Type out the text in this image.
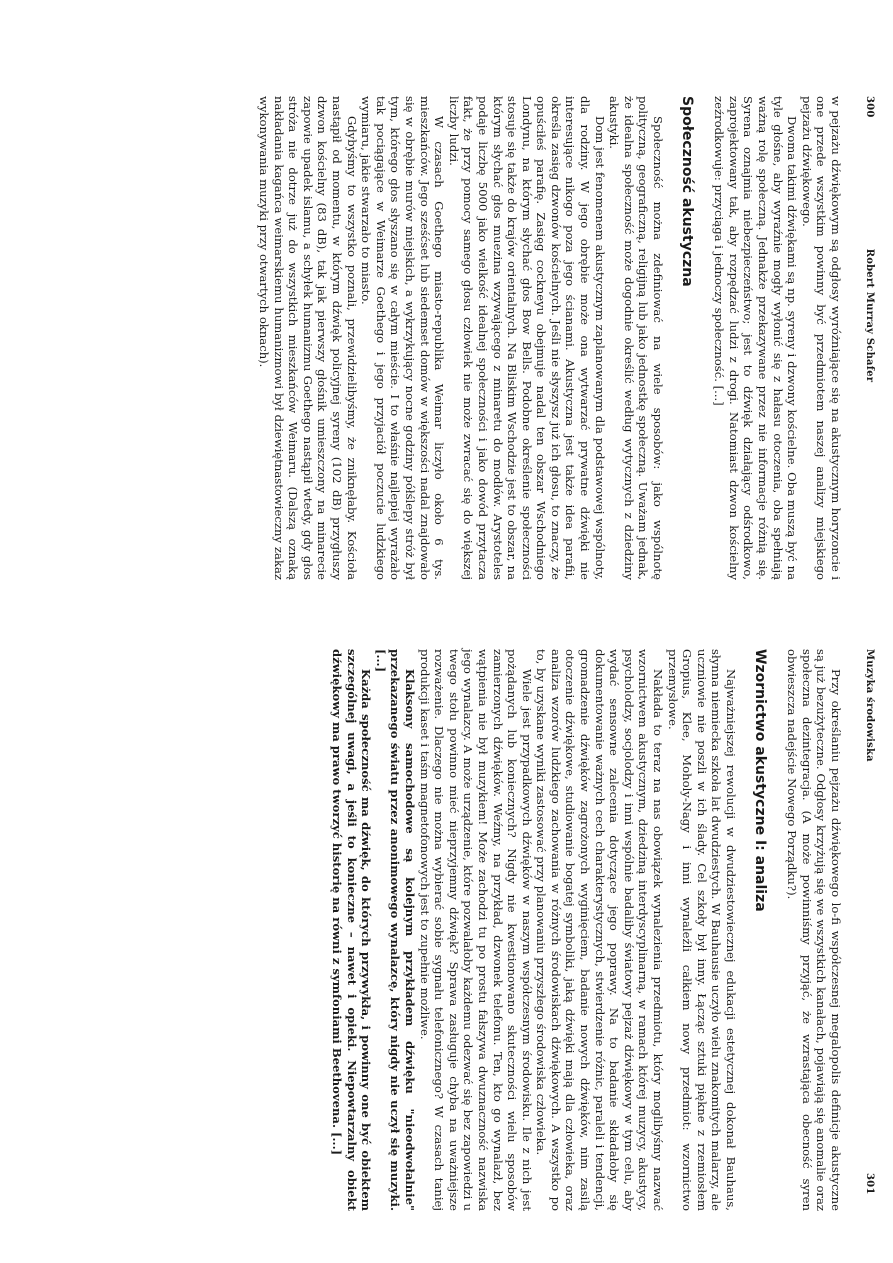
300
Robert Murray Schafer

w pejzażu dźwiękowym są odgłosy wyróżniające się na akustycznym horyzoncie i one przede wszystkim powinny być przedmiotem naszej analizy miejskiego pejzażu dźwiękowego.

Dwoma takimi dźwiękami są np. syreny i dzwony kościelne. Oba muszą być na tyle głośne, aby wyraźnie mogły wyłonić się z hałasu otoczenia, oba spełniają ważną rolę społeczną. Jednakże przekazywane przez nie informacje różnią się. Syrena oznajmia niebezpieczeństwo; jest to dźwięk działający odśrodkowo, zaprojektowany tak, aby rozpędzać ludzi z drogi. Natomiast dzwon kościelny zeźrodkowuje: przyciąga i jednoczy społeczność. [...]

Społeczność akustyczna

Społeczność można zdefiniować na wiele sposobów: jako wspólnotę polityczną, geograficzną, religijną lub jako jednostkę społeczną. Uważam jednak, że idealna społeczność może dogodnie określić według wytycznych z dziedziny akustyki.

Dom jest fenomenem akustycznym zaplanowanym dla podstawowej wspólnoty, dla rodziny. W jego obrębie może ona wytwarzać prywatne dźwięki nie interesujące nikogo poza jego ścianami. Akustyczna jest także idea parafii, określa zasięg dzwonów kościelnych. Jeśli nie słyszysz już ich głosu, to znaczy, że opuściłeś parafię. Zasięg cockneyu obejmuje nadal ten obszar Wschodniego Londynu, na którym słychać głos Bow Bells. Podobne określenie społeczności stosuje się także do krajów orientalnych. Na Bliskim Wschodzie jest to obszar, na którym słychać głos muezina wzywającego z minaretu do modłów. Arystoteles podaje liczbę 5000 jako wielkość idealnej społeczności i jako dowód przytacza fakt, że przy pomocy samego głosu człowiek nie może zwracać się do większej liczby ludzi.

W czasach Goethego miasto-republika Weimar liczyło około 6 tys. mieszkańców. Jego sześćset lub siedemset domów w większości nadal znajdowało się w obrębie murów miejskich, a wykrzykujący nocne godziny półślepy stróż był tym, którego głos słyszano się w całym mieście. I to właśnie najlepiej wyrażało tak pociągające w Weimarze Goethego i jego przyjaciół poczucie ludzkiego wymiaru, jakie stwarzało to miasto.

Gdybyśmy to wszystko poznali, przewidzielibyśmy, że zniknęłaby. Kościoła nastąpił od momentu, w którym dźwięk policyjnej syreny (102 dB) przygłuszy dzwon kościelny (83 dB), tak jak pierwszy głośnik umieszczony na minarecie zapowie upadek islamu, a schyłek humanizmu Goethego nastąpił wtedy, gdy głos stróża nie dotrze już do wszystkich mieszkańców Weimaru. (Dalszą oznaką nakładania kagańca weimarskiemu humanizmowi był dziewiętnastowieczny zakaz wykonywania muzyki przy otwartych oknach).

Muzyka środowiska
301

Przy określaniu pejzażu dźwiękowego lo-fi współczesnej megalopolis definicje akustyczne są już bezużyteczne. Odgłosy krzyżują się we wszystkich kanałach, pojawiają się anomalie oraz społeczna dezintegracja. (A może powinniśmy przyjąć, że wzrastająca obecność syren obwieszcza nadejście Nowego Porządku?).

Wzornictwo akustyczne I: analiza

Najważniejszej rewolucji w dwudziestowiecznej edukacji estetycznej dokonał Bauhaus, słynna niemiecka szkoła lat dwudziestych. W Bauhausie uczyło wielu znakomitych malarzy, ale uczniowie nie poszli w ich ślady. Cel szkoły był inny. Łącząc sztuki piękne z rzemiosłem Gropius, Klee, Moholy-Nagy i inni wynaleźli całkiem nowy przedmiot: wzornictwo przemysłowe.

Nakłada to teraz na nas obowiązek wynalezienia przedmiotu, który moglibyśmy nazwać wzornictwem akustycznym, dziedziną interdyscyplinarną, w ramach której muzycy, akustycy, psycholodzy, socjolodzy i inni wspólnie badaliby światowy pejzaż dźwiękowy w tym celu, aby wydać sensowne zalecenia dotyczące jego poprawy. Na to badanie składałoby się dokumentowanie ważnych cech charakterystycznych, stwierdzenie różnic, paraleli i tendencji, gromadzenie dźwięków zagrożonych wyginięciem, badanie nowych dźwięków, nim zasilą otoczenie dźwiękowe, studiowanie bogatej symboliki, jaką dźwięki mają dla człowieka, oraz analiza wzorów ludzkiego zachowania w różnych środowiskach dźwiękowych. A wszystko po to, by uzyskane wyniki zastosować przy planowaniu przyszłego środowiska człowieka.

Wiele jest przypadkowych dźwięków w naszym współczesnym środowisku. Ile z nich jest pożądanych lub koniecznych? Nigdy nie kwestionowano skuteczności wielu sposobów zamierzonych dźwięków. Weźmy, na przykład, dzwonek telefonu. Ten, kto go wynalazł, bez wątpienia nie był muzykiem! Może zachodzi tu po prostu fałszywa dwuznaczność nazwiska jego wynalazcy. A może urządzenie, które pozwalałoby każdemu odezwać się bez zapowiedzi u twego stołu powinno mieć nieprzyjemny dźwięk? Sprawa zasługuje chyba na uważniejsze rozważenie. Dlaczego nie można wybierać sobie sygnału telefonicznego? W czasach taniej produkcji kaset i taśm magnetofonowych jest to zupełnie możliwe.

Klaksony samochodowe są kolejnym przykładem dźwięku "nieodwołalnie" przekazanego światu przez anonimowego wynalazcę, który nigdy nie uczył się muzyki. [...]

Każda społeczność ma dźwięk, do których przywykła, i powinny one być obiektem szczególnej uwagi, a jeśli to konieczne – nawet i opieki. Niepowtarzalny obiekt dźwiękowy ma prawo tworzyć historię na równi z symfoniami Beethovena. [...]
